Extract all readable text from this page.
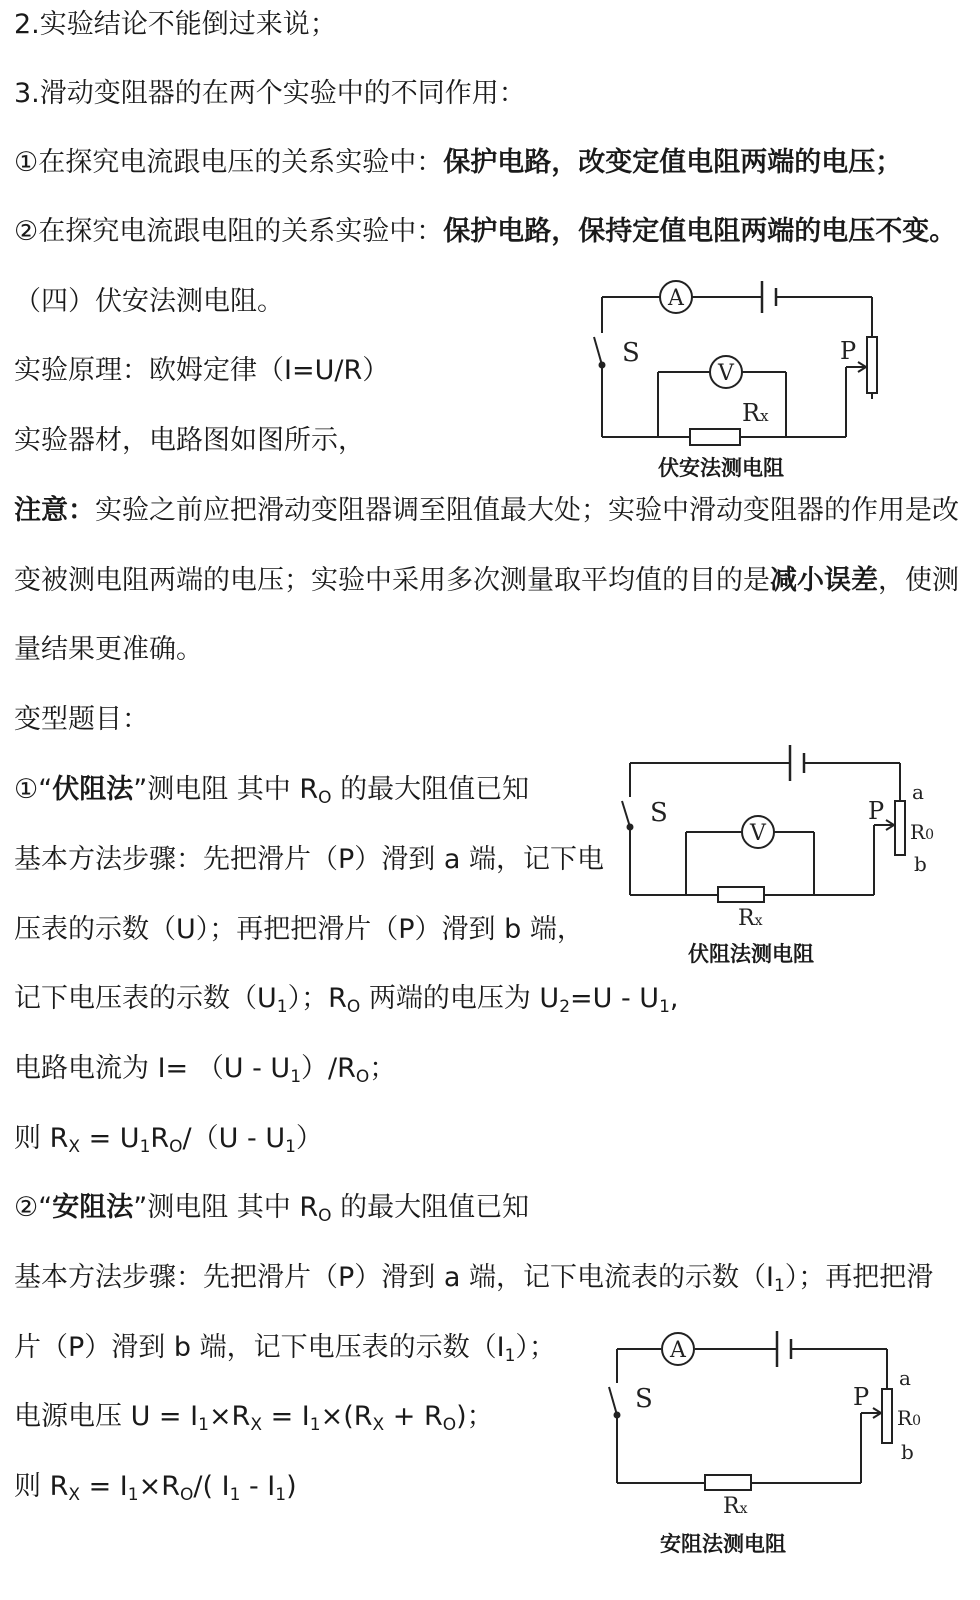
2.实验结论不能倒过来说；
3.滑动变阻器的在两个实验中的不同作用：
①在探究电流跟电压的关系实验中：保护电路，改变定值电阻两端的电压；
②在探究电流跟电阻的关系实验中：保护电路，保持定值电阻两端的电压不变。
（四）伏安法测电阻。
实验原理：欧姆定律（I=U/R）
实验器材，电路图如图所示，
注意：实验之前应把滑动变阻器调至阻值最大处；实验中滑动变阻器的作用是改
变被测电阻两端的电压；实验中采用多次测量取平均值的目的是减小误差，使测
量结果更准确。
变型题目：
①“伏阻法”测电阻 其中 $R_O$ 的最大阻值已知
基本方法步骤：先把滑片（P）滑到 a 端，记下电
压表的示数（U）；再把把滑片（P）滑到 b 端，
记下电压表的示数$(U_1)$；$R_O$ 两端的电压为 $U_2=U - U_1$,
电路电流为 $I= (U - U_1)/R_O$；
则 $R_X = U_1R_O/(U - U_1)$
②“安阻法”测电阻 其中 $R_O$ 的最大阻值已知
基本方法步骤：先把滑片（P）滑到 a 端，记下电流表的示数$(I_1)$；再把把滑
片（P）滑到 b 端，记下电压表的示数$(I_1)$；
电源电压 $U = I_1\times R_X = I_1\times(R_X + R_O)$；
则 $R_X = I_1\times R_O/$( $I_1 - I_1$)
A
S
V
Rx
P
伏安法测电阻
S
V
Rx
P
a
R0
b
伏阻法测电阻
A
S
Rx
P
a
R0
b
安阻法测电阻
